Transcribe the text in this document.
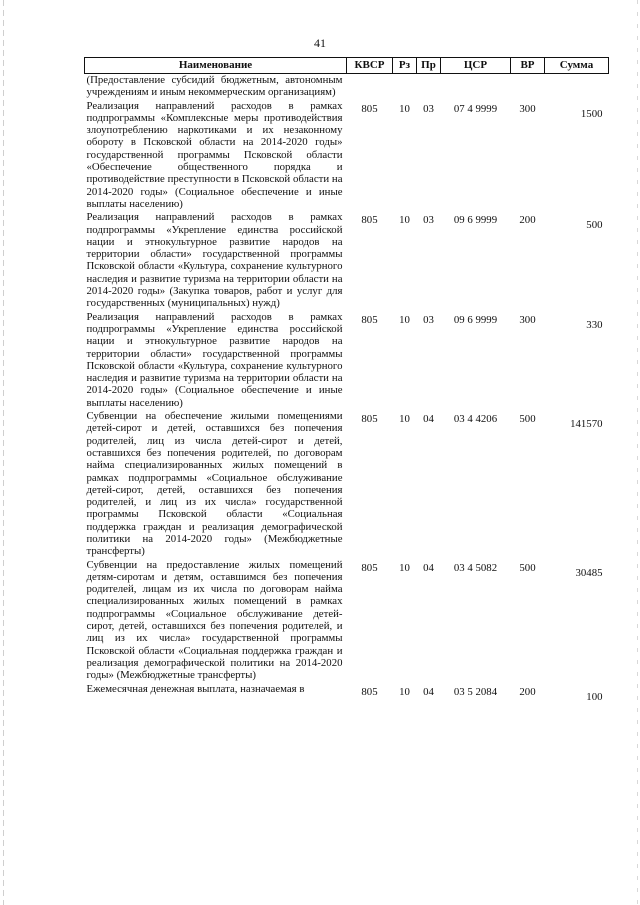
41
Наименование	КВСР	Рз	Пр	ЦСР	ВР	Сумма
(Предоставление субсидий бюджетным, автономным учреждениям и иным некоммерческим организациям)						
Реализация направлений расходов в рамках подпрограммы «Комплексные меры противодействия злоупотреблению наркотиками и их незаконному обороту в Псковской области на 2014-2020 годы» государственной программы Псковской области «Обеспечение общественного порядка и противодействие преступности в Псковской области на 2014-2020 годы» (Социальное обеспечение и иные выплаты населению)	805	10	03	07 4 9999	300	1500
Реализация направлений расходов в рамках подпрограммы «Укрепление единства российской нации и этнокультурное развитие народов на территории области» государственной программы Псковской области «Культура, сохранение культурного наследия и развитие туризма на территории области на 2014-2020 годы» (Закупка товаров, работ и услуг для государственных (муниципальных) нужд)	805	10	03	09 6 9999	200	500
Реализация направлений расходов в рамках подпрограммы «Укрепление единства российской нации и этнокультурное развитие народов на территории области» государственной программы Псковской области «Культура, сохранение культурного наследия и развитие туризма на территории области на 2014-2020 годы» (Социальное обеспечение и иные выплаты населению)	805	10	03	09 6 9999	300	330
Субвенции на обеспечение жилыми помещениями детей-сирот и детей, оставшихся без попечения родителей, лиц из числа детей-сирот и детей, оставшихся без попечения родителей, по договорам найма специализированных жилых помещений в рамках подпрограммы «Социальное обслуживание детей-сирот, детей, оставшихся без попечения родителей, и лиц из их числа» государственной программы Псковской области «Социальная поддержка граждан и реализация демографической политики на 2014-2020 годы» (Межбюджетные трансферты)	805	10	04	03 4 4206	500	141570
Субвенции на предоставление жилых помещений детям-сиротам и детям, оставшимся без попечения родителей, лицам из их числа по договорам найма специализированных жилых помещений в рамках подпрограммы «Социальное обслуживание детей-сирот, детей, оставшихся без попечения родителей, и лиц из их числа» государственной программы Псковской области «Социальная поддержка граждан и реализация демографической политики на 2014-2020 годы» (Межбюджетные трансферты)	805	10	04	03 4 5082	500	30485
Ежемесячная денежная выплата, назначаемая в	805	10	04	03 5 2084	200	100
